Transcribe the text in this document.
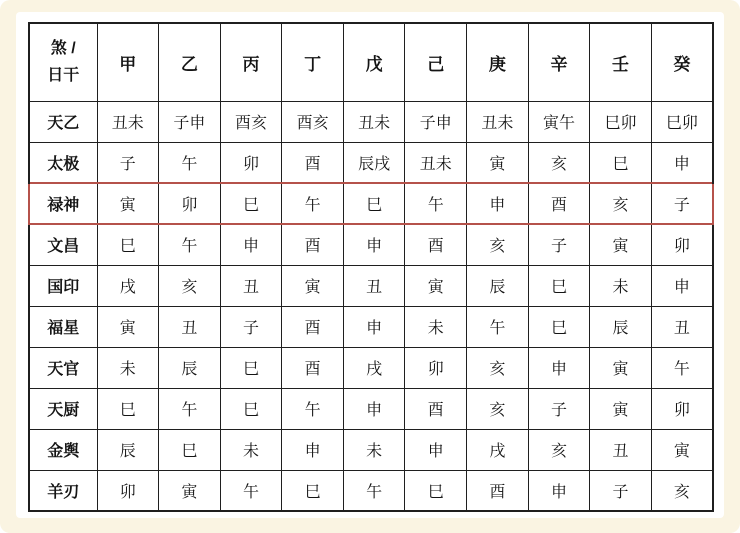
煞 /
日干	甲	乙	丙	丁	戊	己	庚	辛	壬	癸
天乙	丑未	子申	酉亥	酉亥	丑未	子申	丑未	寅午	巳卯	巳卯
太极	子	午	卯	酉	辰戌	丑未	寅	亥	巳	申
禄神	寅	卯	巳	午	巳	午	申	酉	亥	子
文昌	巳	午	申	酉	申	酉	亥	子	寅	卯
国印	戌	亥	丑	寅	丑	寅	辰	巳	未	申
福星	寅	丑	子	酉	申	未	午	巳	辰	丑
天官	未	辰	巳	酉	戌	卯	亥	申	寅	午
天厨	巳	午	巳	午	申	酉	亥	子	寅	卯
金舆	辰	巳	未	申	未	申	戌	亥	丑	寅
羊刃	卯	寅	午	巳	午	巳	酉	申	子	亥
